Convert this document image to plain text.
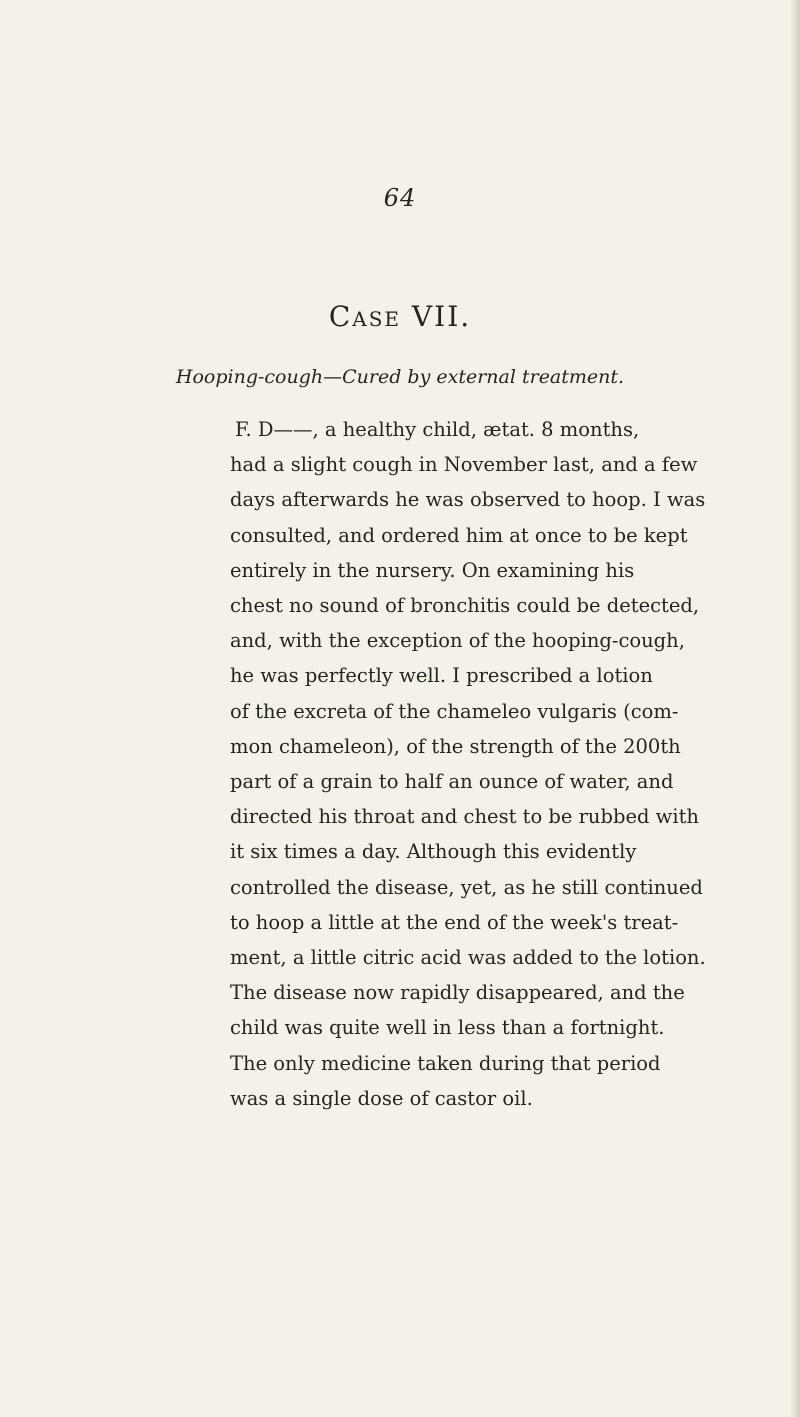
64
Case VII.
Hooping-cough—Cured by external treatment.
F. D——, a healthy child, ætat. 8 months,
had a slight cough in November last, and a few
days afterwards he was observed to hoop. I was
consulted, and ordered him at once to be kept
entirely in the nursery. On examining his
chest no sound of bronchitis could be detected,
and, with the exception of the hooping-cough,
he was perfectly well. I prescribed a lotion
of the excreta of the chameleo vulgaris (com-
mon chameleon), of the strength of the 200th
part of a grain to half an ounce of water, and
directed his throat and chest to be rubbed with
it six times a day. Although this evidently
controlled the disease, yet, as he still continued
to hoop a little at the end of the week's treat-
ment, a little citric acid was added to the lotion.
The disease now rapidly disappeared, and the
child was quite well in less than a fortnight.
The only medicine taken during that period
was a single dose of castor oil.
